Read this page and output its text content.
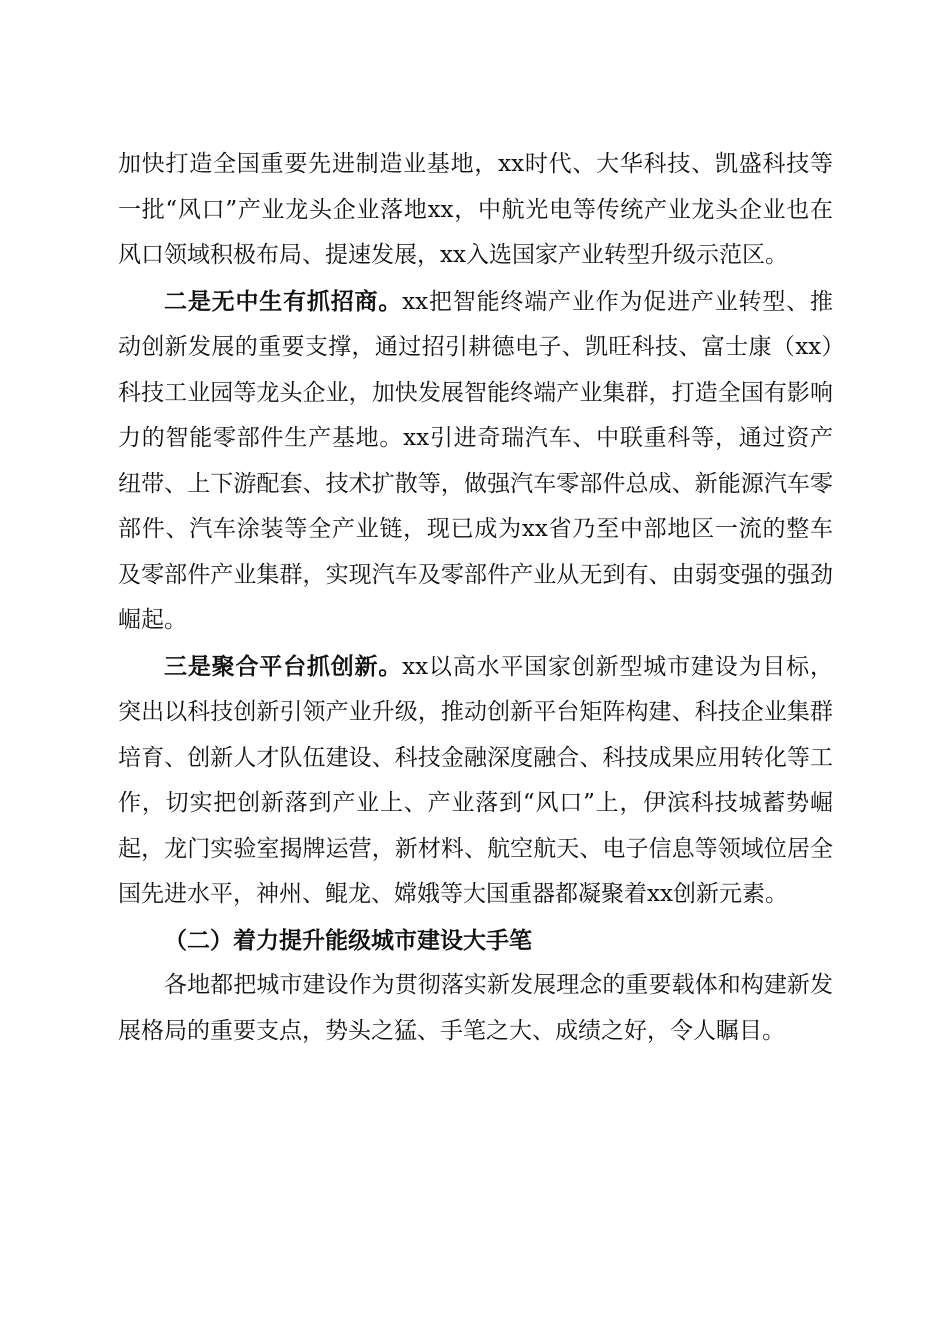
加快打造全国重要先进制造业基地，xx时代、大华科技、凯盛科技等一批“风口”产业龙头企业落地xx，中航光电等传统产业龙头企业也在风口领域积极布局、提速发展，xx入选国家产业转型升级示范区。

二是无中生有抓招商。xx把智能终端产业作为促进产业转型、推动创新发展的重要支撑，通过招引耕德电子、凯旺科技、富士康（xx）科技工业园等龙头企业，加快发展智能终端产业集群，打造全国有影响力的智能零部件生产基地。xx引进奇瑞汽车、中联重科等，通过资产纽带、上下游配套、技术扩散等，做强汽车零部件总成、新能源汽车零部件、汽车涂装等全产业链，现已成为xx省乃至中部地区一流的整车及零部件产业集群，实现汽车及零部件产业从无到有、由弱变强的强劲崛起。

三是聚合平台抓创新。xx以高水平国家创新型城市建设为目标，突出以科技创新引领产业升级，推动创新平台矩阵构建、科技企业集群培育、创新人才队伍建设、科技金融深度融合、科技成果应用转化等工作，切实把创新落到产业上、产业落到“风口”上，伊滨科技城蓄势崛起，龙门实验室揭牌运营，新材料、航空航天、电子信息等领域位居全国先进水平，神州、鲲龙、嫦娥等大国重器都凝聚着xx创新元素。

（二）着力提升能级城市建设大手笔

各地都把城市建设作为贯彻落实新发展理念的重要载体和构建新发展格局的重要支点，势头之猛、手笔之大、成绩之好，令人瞩目。
